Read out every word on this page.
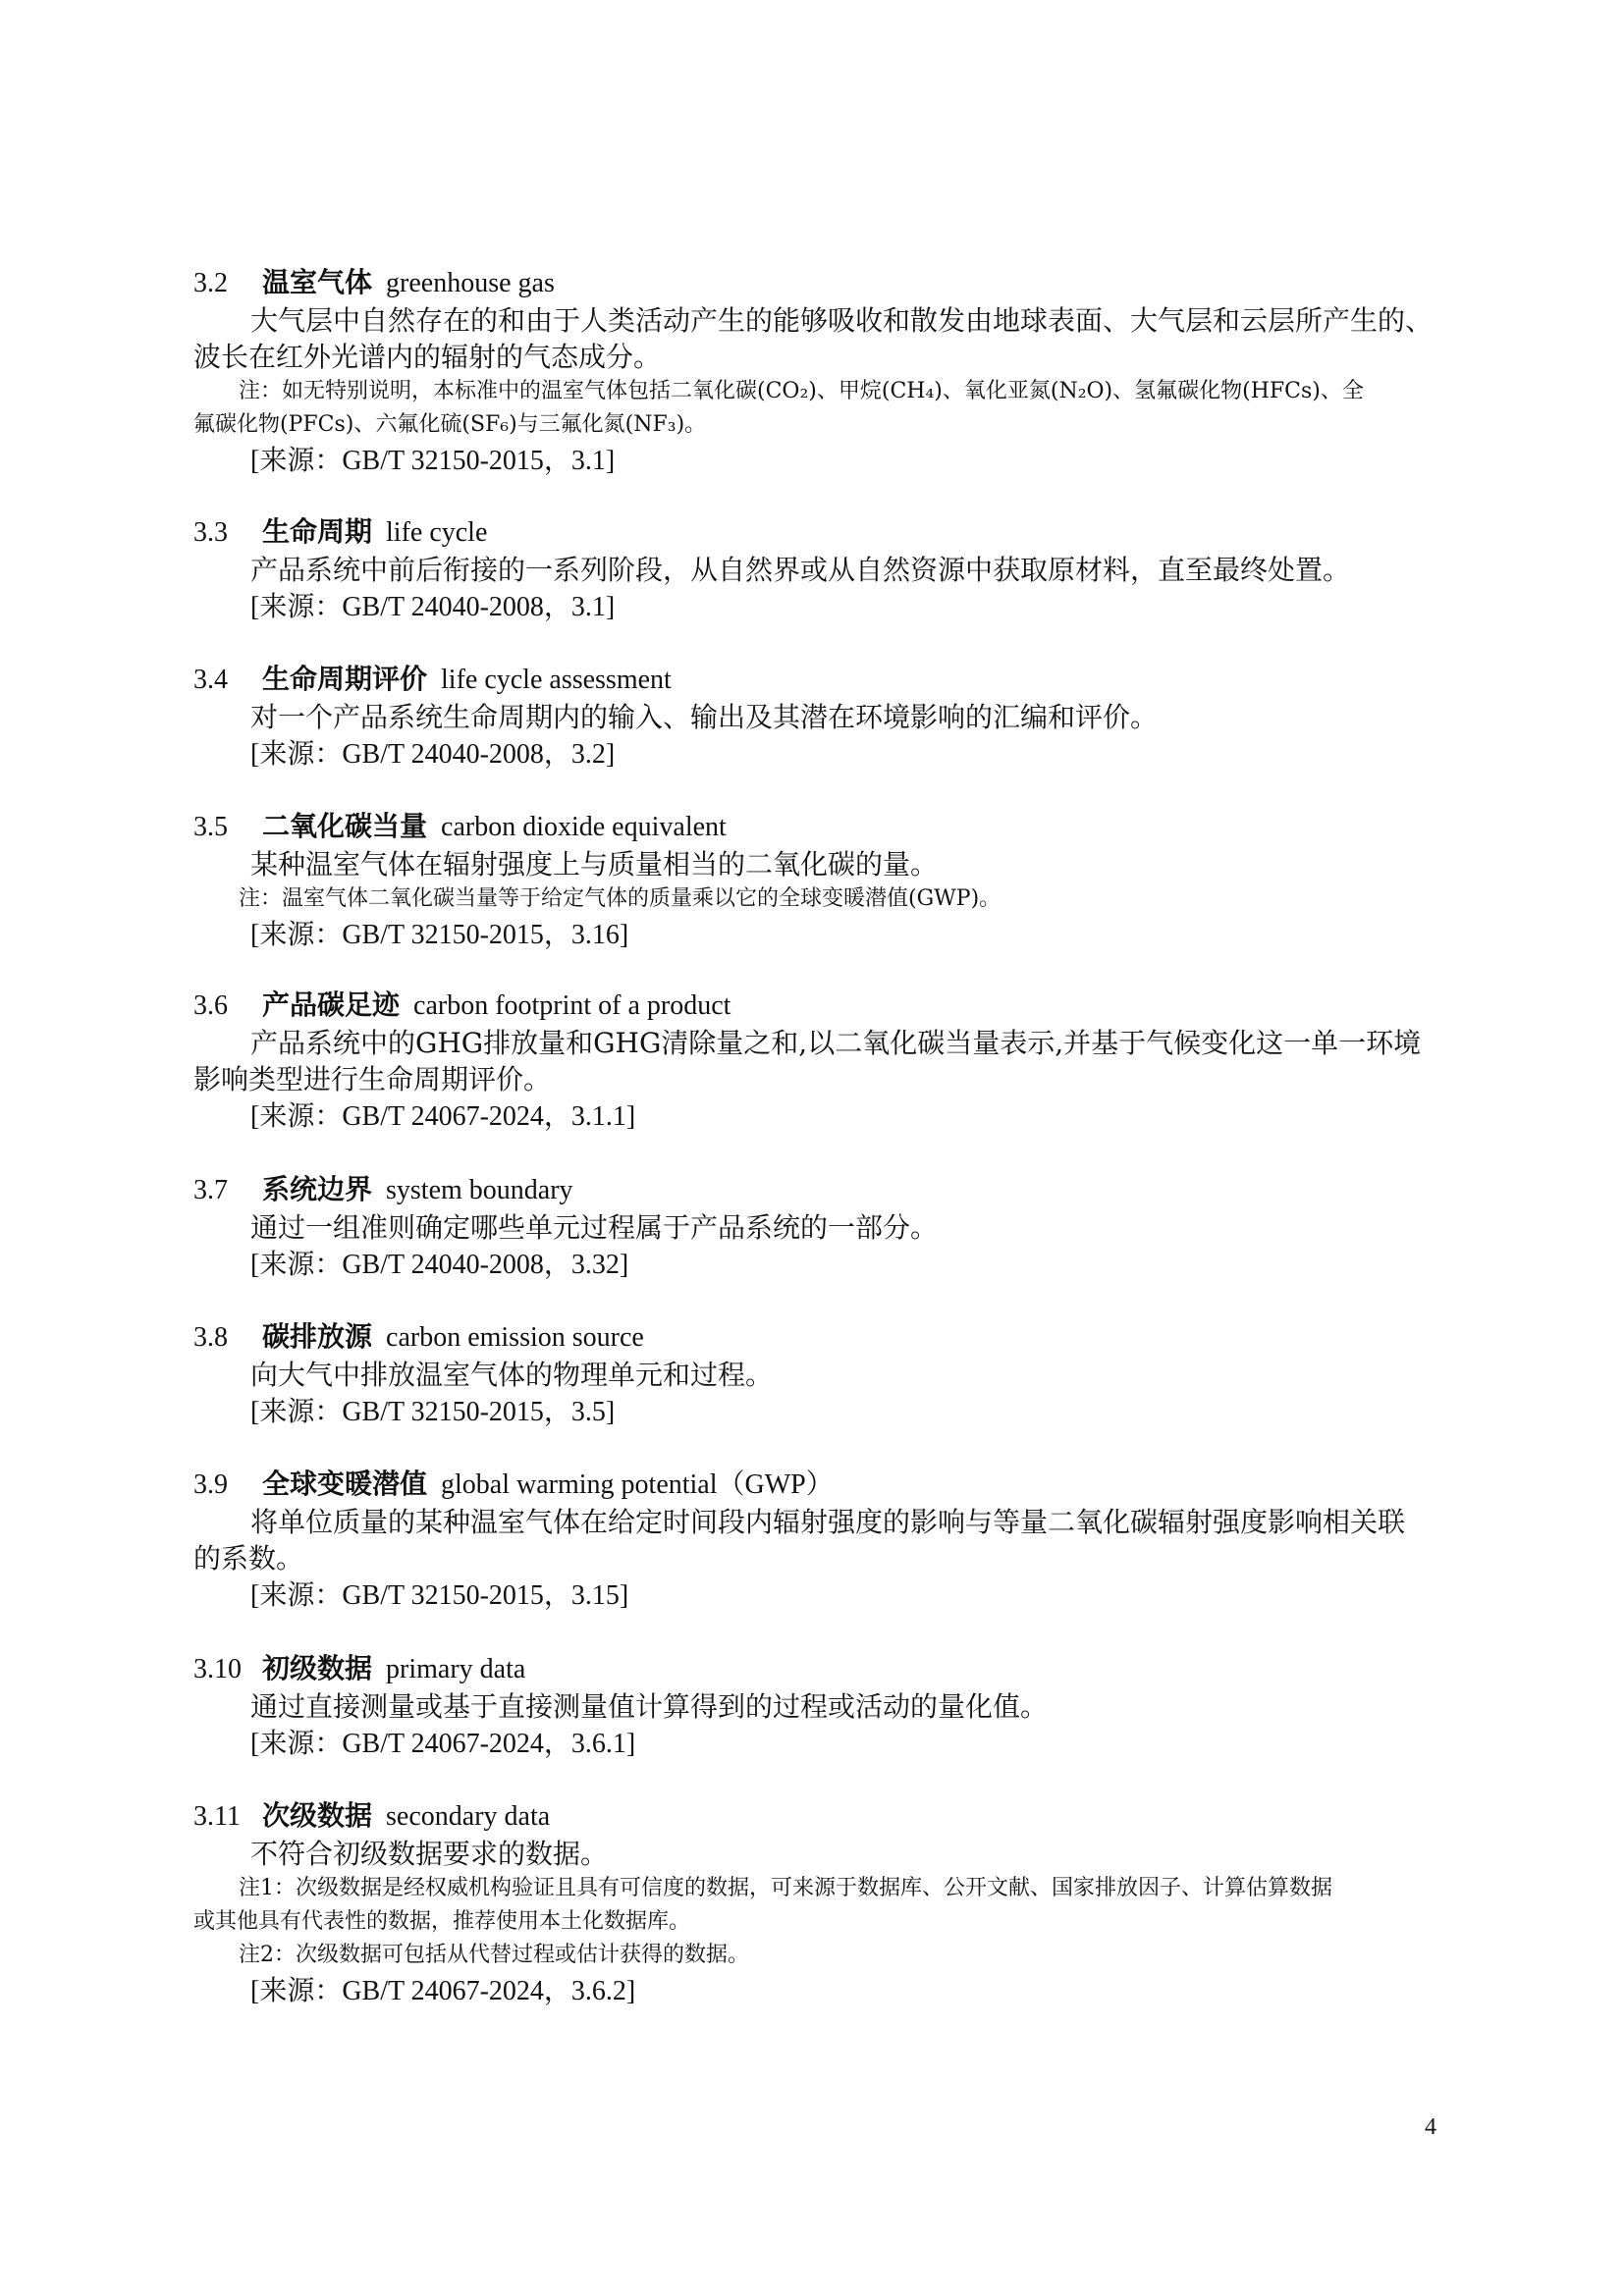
3.2 温室气体 greenhouse gas
大气层中自然存在的和由于人类活动产生的能够吸收和散发由地球表面、大气层和云层所产生的、
波长在红外光谱内的辐射的气态成分。
注：如无特别说明，本标准中的温室气体包括二氧化碳(CO₂)、甲烷(CH₄)、氧化亚氮(N₂O)、氢氟碳化物(HFCs)、全
氟碳化物(PFCs)、六氟化硫(SF₆)与三氟化氮(NF₃)。
[来源：GB/T 32150-2015，3.1]
3.3 生命周期 life cycle
产品系统中前后衔接的一系列阶段，从自然界或从自然资源中获取原材料，直至最终处置。
[来源：GB/T 24040-2008，3.1]
3.4 生命周期评价 life cycle assessment
对一个产品系统生命周期内的输入、输出及其潜在环境影响的汇编和评价。
[来源：GB/T 24040-2008，3.2]
3.5 二氧化碳当量 carbon dioxide equivalent
某种温室气体在辐射强度上与质量相当的二氧化碳的量。
注：温室气体二氧化碳当量等于给定气体的质量乘以它的全球变暖潜值(GWP)。
[来源：GB/T 32150-2015，3.16]
3.6 产品碳足迹 carbon footprint of a product
产品系统中的GHG排放量和GHG清除量之和,以二氧化碳当量表示,并基于气候变化这一单一环境
影响类型进行生命周期评价。
[来源：GB/T 24067-2024，3.1.1]
3.7 系统边界 system boundary
通过一组准则确定哪些单元过程属于产品系统的一部分。
[来源：GB/T 24040-2008，3.32]
3.8 碳排放源 carbon emission source
向大气中排放温室气体的物理单元和过程。
[来源：GB/T 32150-2015，3.5]
3.9 全球变暖潜值 global warming potential（GWP）
将单位质量的某种温室气体在给定时间段内辐射强度的影响与等量二氧化碳辐射强度影响相关联
的系数。
[来源：GB/T 32150-2015，3.15]
3.10 初级数据 primary data
通过直接测量或基于直接测量值计算得到的过程或活动的量化值。
[来源：GB/T 24067-2024，3.6.1]
3.11 次级数据 secondary data
不符合初级数据要求的数据。
注1：次级数据是经权威机构验证且具有可信度的数据，可来源于数据库、公开文献、国家排放因子、计算估算数据
或其他具有代表性的数据，推荐使用本土化数据库。
注2：次级数据可包括从代替过程或估计获得的数据。
[来源：GB/T 24067-2024，3.6.2]
4
